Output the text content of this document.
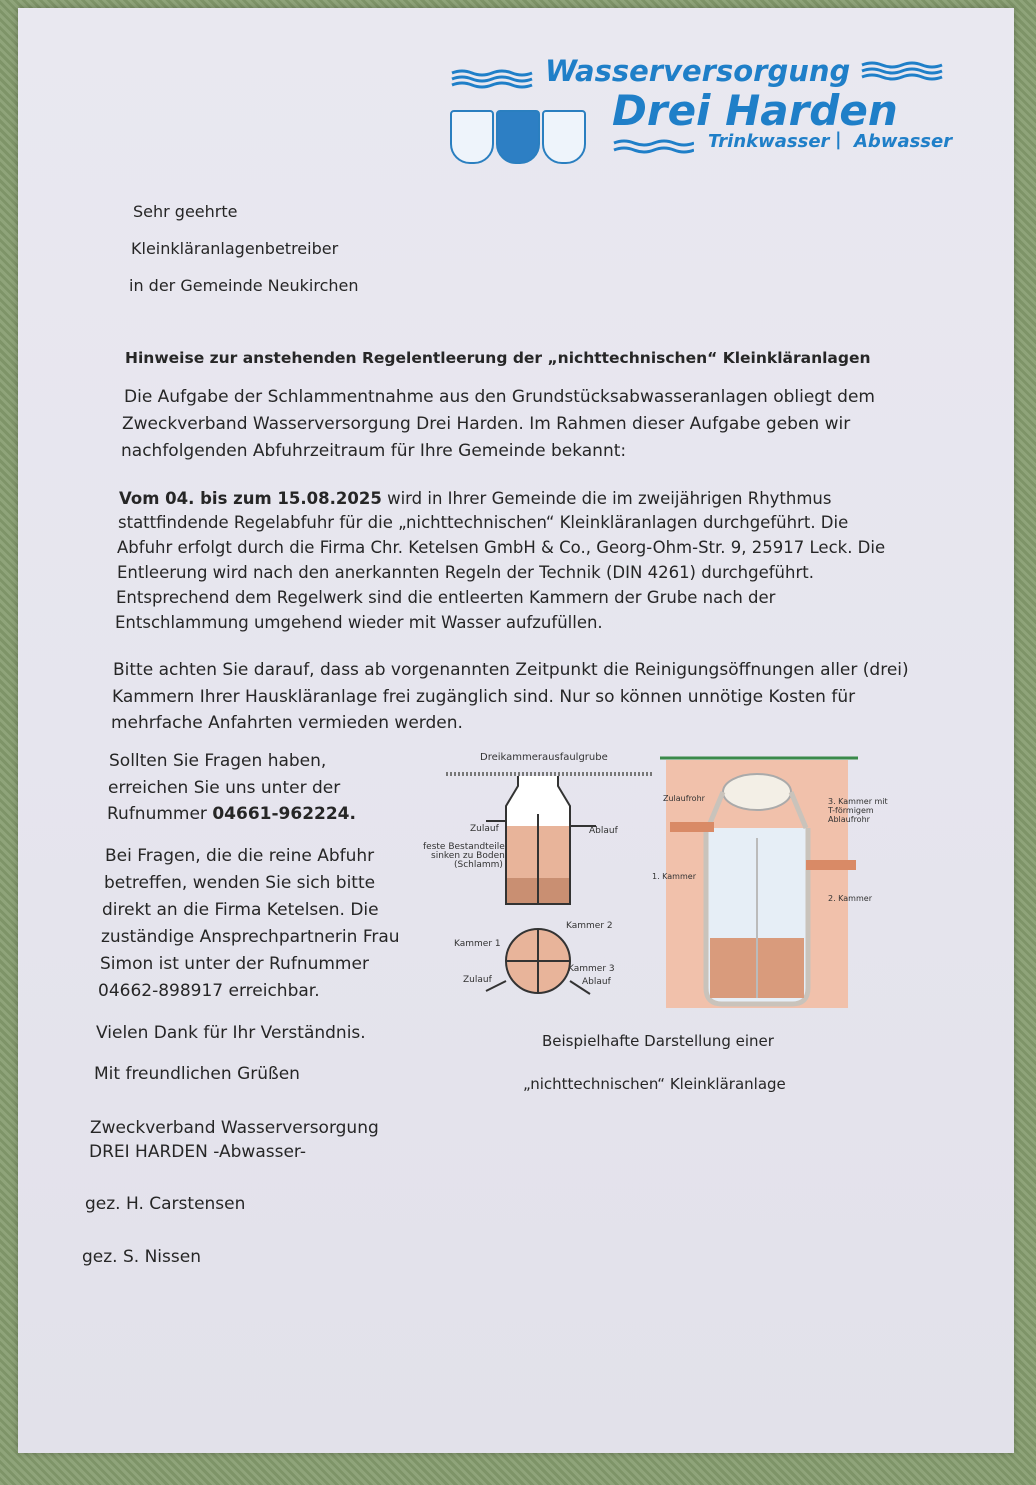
Wasserversorgung
Drei Harden
Trinkwasser | Abwasser
Sehr geehrte
Kleinkläranlagenbetreiber
in der Gemeinde Neukirchen
Hinweise zur anstehenden Regelentleerung der „nichttechnischen“ Kleinkläranlagen
Die Aufgabe der Schlammentnahme aus den Grundstücksabwasseranlagen obliegt dem
Zweckverband Wasserversorgung Drei Harden. Im Rahmen dieser Aufgabe geben wir
nachfolgenden Abfuhrzeitraum für Ihre Gemeinde bekannt:
Vom 04. bis zum 15.08.2025 wird in Ihrer Gemeinde die im zweijährigen Rhythmus
stattfindende Regelabfuhr für die „nichttechnischen“ Kleinkläranlagen durchgeführt. Die
Abfuhr erfolgt durch die Firma Chr. Ketelsen GmbH & Co., Georg-Ohm-Str. 9, 25917 Leck. Die
Entleerung wird nach den anerkannten Regeln der Technik (DIN 4261) durchgeführt.
Entsprechend dem Regelwerk sind die entleerten Kammern der Grube nach der
Entschlammung umgehend wieder mit Wasser aufzufüllen.
Bitte achten Sie darauf, dass ab vorgenannten Zeitpunkt die Reinigungsöffnungen aller (drei)
Kammern Ihrer Hauskläranlage frei zugänglich sind. Nur so können unnötige Kosten für
mehrfache Anfahrten vermieden werden.
Sollten Sie Fragen haben,
erreichen Sie uns unter der
Rufnummer 04661-962224.
Bei Fragen, die die reine Abfuhr
betreffen, wenden Sie sich bitte
direkt an die Firma Ketelsen. Die
zuständige Ansprechpartnerin Frau
Simon ist unter der Rufnummer
04662-898917 erreichbar.
Vielen Dank für Ihr Verständnis.
Mit freundlichen Grüßen
Zweckverband Wasserversorgung
DREI HARDEN -Abwasser-
gez. H. Carstensen
gez. S. Nissen
Dreikammerausfaulgrube
Zulauf	Ablauf
feste Bestandteile
sinken zu Boden
(Schlamm)
Kammer 1
Kammer 2
Kammer 3
Zulauf	Ablauf
Zulaufrohr	3. Kammer mit
T-förmigem
Ablaufrohr
1. Kammer
2. Kammer
Beispielhafte Darstellung einer
„nichttechnischen“ Kleinkläranlage
